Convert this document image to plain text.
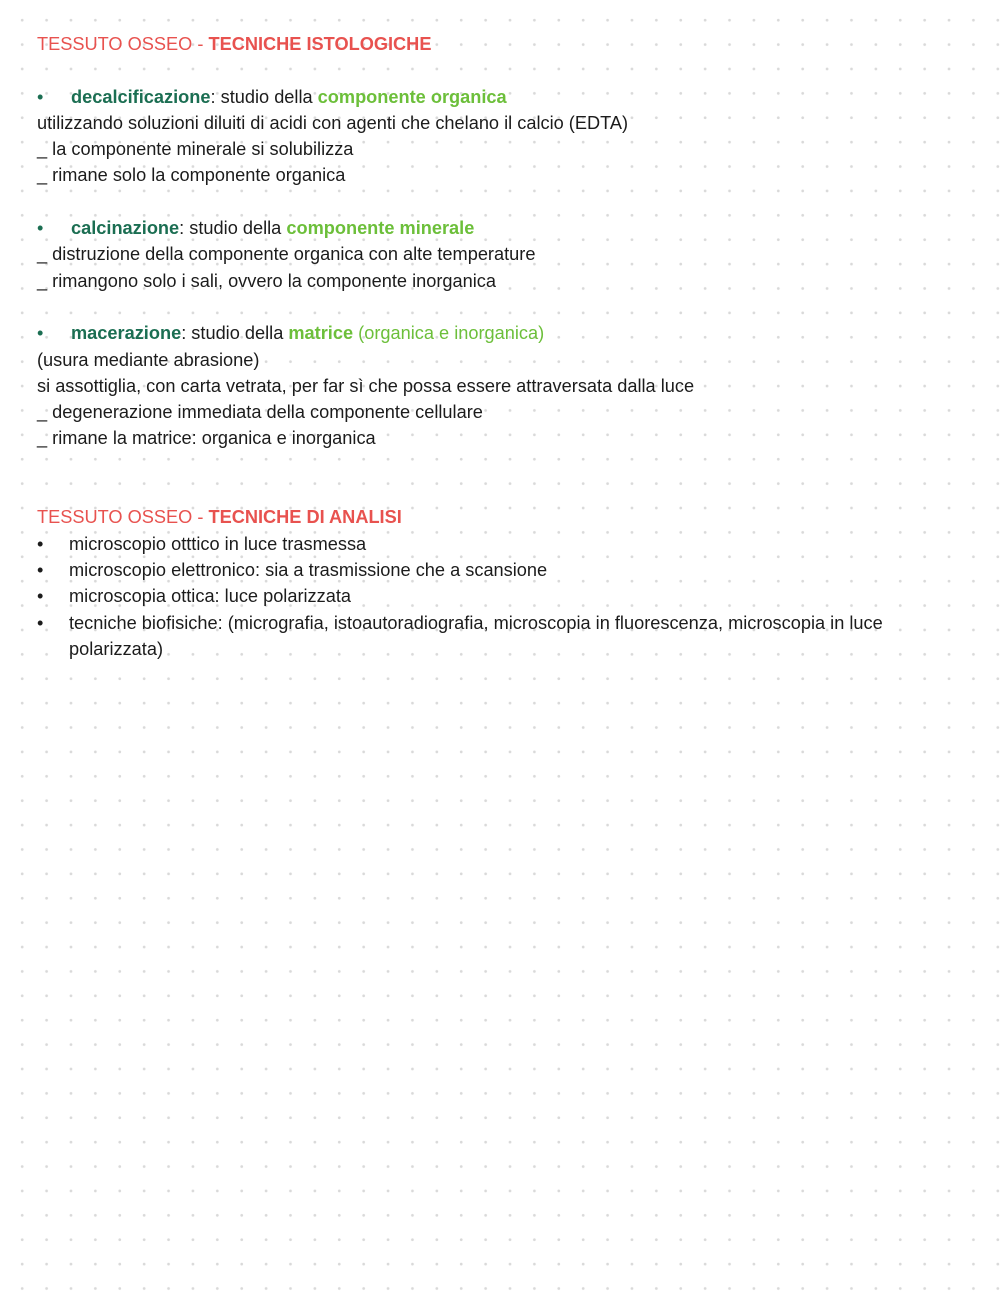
TESSUTO OSSEO - TECNICHE ISTOLOGICHE
• decalcificazione: studio della componente organica
utilizzando soluzioni diluiti di acidi con agenti che chelano il calcio (EDTA)
_ la componente minerale si solubilizza
_ rimane solo la componente organica
• calcinazione: studio della componente minerale
_ distruzione della componente organica con alte temperature
_ rimangono solo i sali, ovvero la componente inorganica
• macerazione: studio della matrice (organica e inorganica)
(usura mediante abrasione)
si assottiglia, con carta vetrata, per far sì che possa essere attraversata dalla luce
_ degenerazione immediata della componente cellulare
_ rimane la matrice: organica e inorganica
TESSUTO OSSEO - TECNICHE DI ANALISI
• microscopio otttico in luce trasmessa
• microscopio elettronico: sia a trasmissione che a scansione
• microscopia ottica: luce polarizzata
• tecniche biofisiche: (micrografia, istoautoradiografia, microscopia in fluorescenza, microscopia in luce polarizzata)
